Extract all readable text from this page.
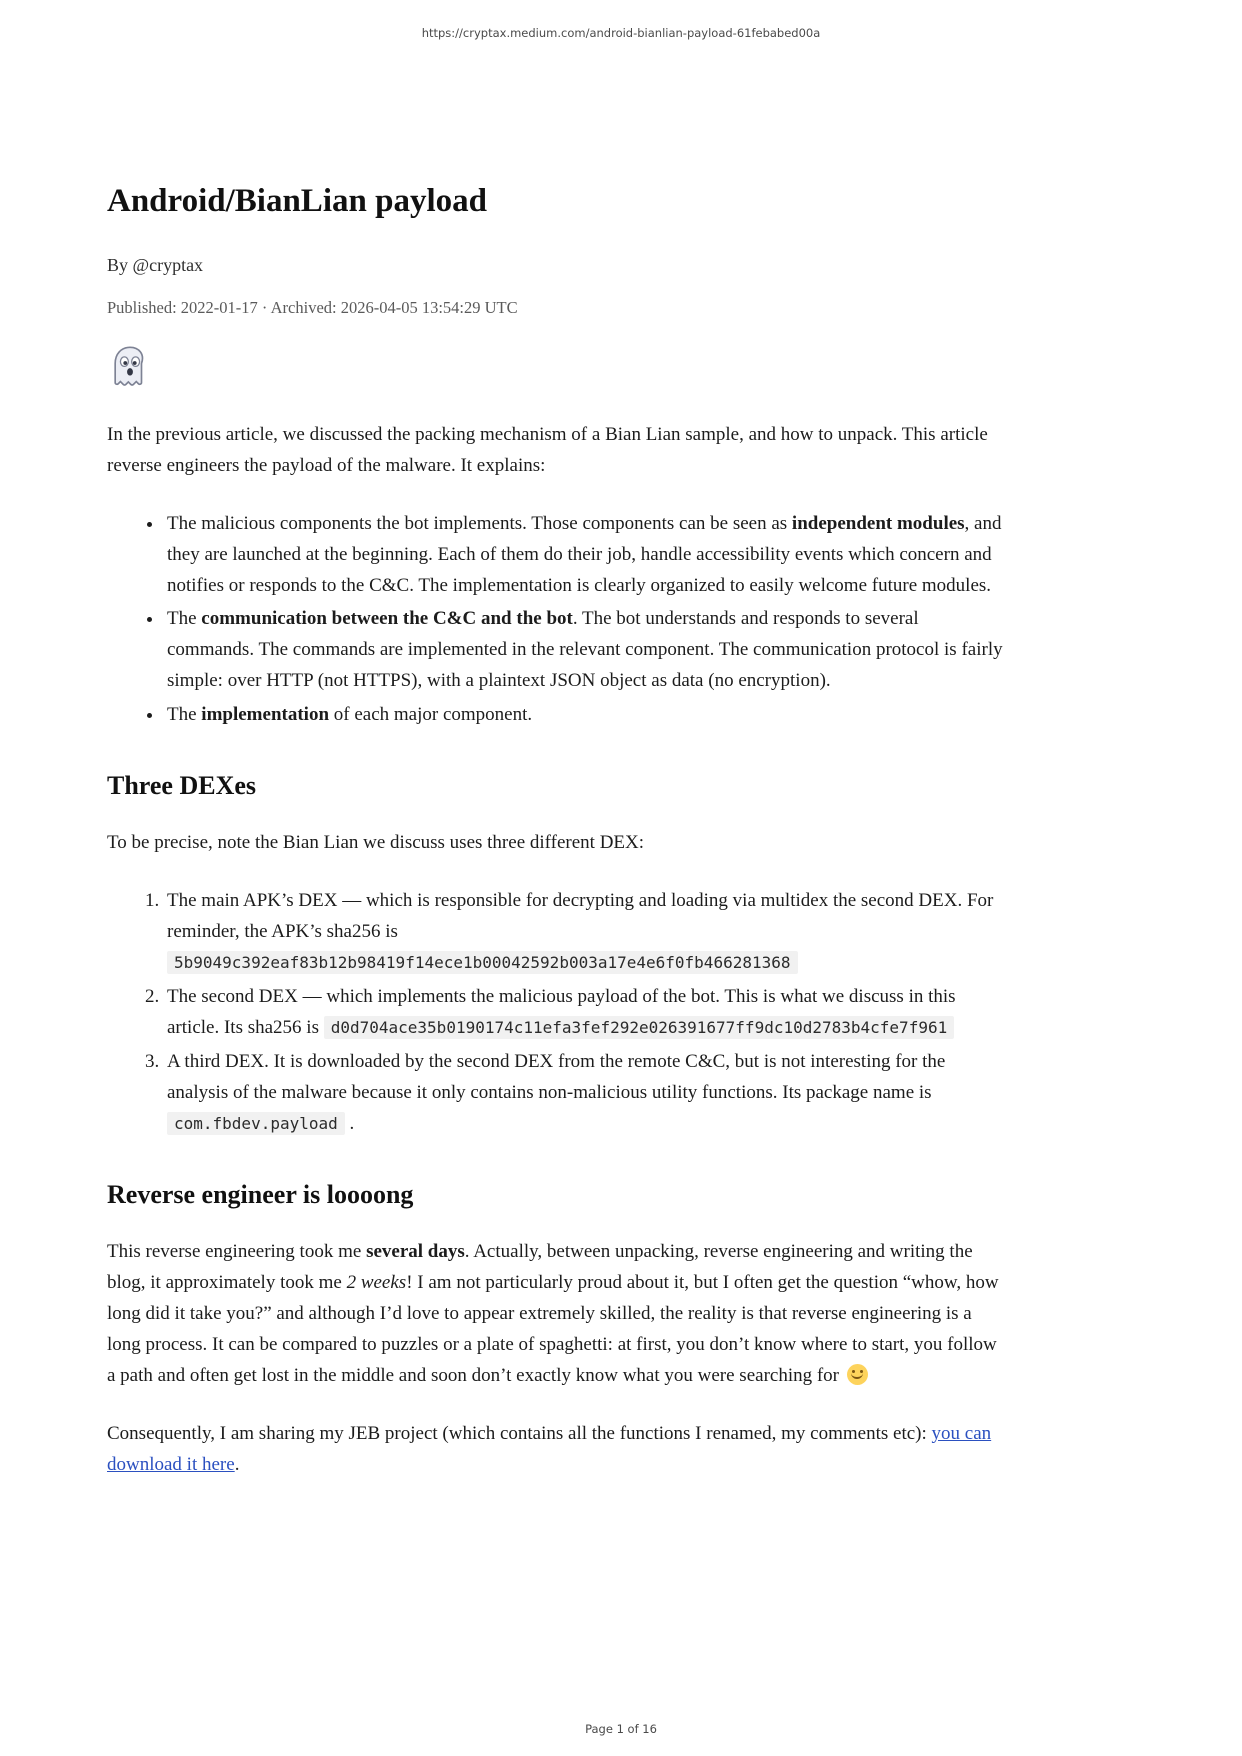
https://cryptax.medium.com/android-bianlian-payload-61febabed00a
Android/BianLian payload
By @cryptax
Published: 2022-01-17 · Archived: 2026-04-05 13:54:29 UTC

In the previous article, we discussed the packing mechanism of a Bian Lian sample, and how to unpack. This article reverse engineers the payload of the malware. It explains:

• The malicious components the bot implements. Those components can be seen as independent modules, and they are launched at the beginning. Each of them do their job, handle accessibility events which concern and notifies or responds to the C&C. The implementation is clearly organized to easily welcome future modules.
• The communication between the C&C and the bot. The bot understands and responds to several commands. The commands are implemented in the relevant component. The communication protocol is fairly simple: over HTTP (not HTTPS), with a plaintext JSON object as data (no encryption).
• The implementation of each major component.
Three DEXes

To be precise, note the Bian Lian we discuss uses three different DEX:

1. The main APK’s DEX — which is responsible for decrypting and loading via multidex the second DEX. For reminder, the APK’s sha256 is 5b9049c392eaf83b12b98419f14ece1b00042592b003a17e4e6f0fb466281368
2. The second DEX — which implements the malicious payload of the bot. This is what we discuss in this article. Its sha256 is d0d704ace35b0190174c11efa3fef292e026391677ff9dc10d2783b4cfe7f961
3. A third DEX. It is downloaded by the second DEX from the remote C&C, but is not interesting for the analysis of the malware because it only contains non-malicious utility functions. Its package name is com.fbdev.payload .
Reverse engineer is loooong

This reverse engineering took me several days. Actually, between unpacking, reverse engineering and writing the blog, it approximately took me 2 weeks! I am not particularly proud about it, but I often get the question “whow, how long did it take you?” and although I’d love to appear extremely skilled, the reality is that reverse engineering is a long process. It can be compared to puzzles or a plate of spaghetti: at first, you don’t know where to start, you follow a path and often get lost in the middle and soon don’t exactly know what you were searching for

Consequently, I am sharing my JEB project (which contains all the functions I renamed, my comments etc): you can download it here.

Page 1 of 16
